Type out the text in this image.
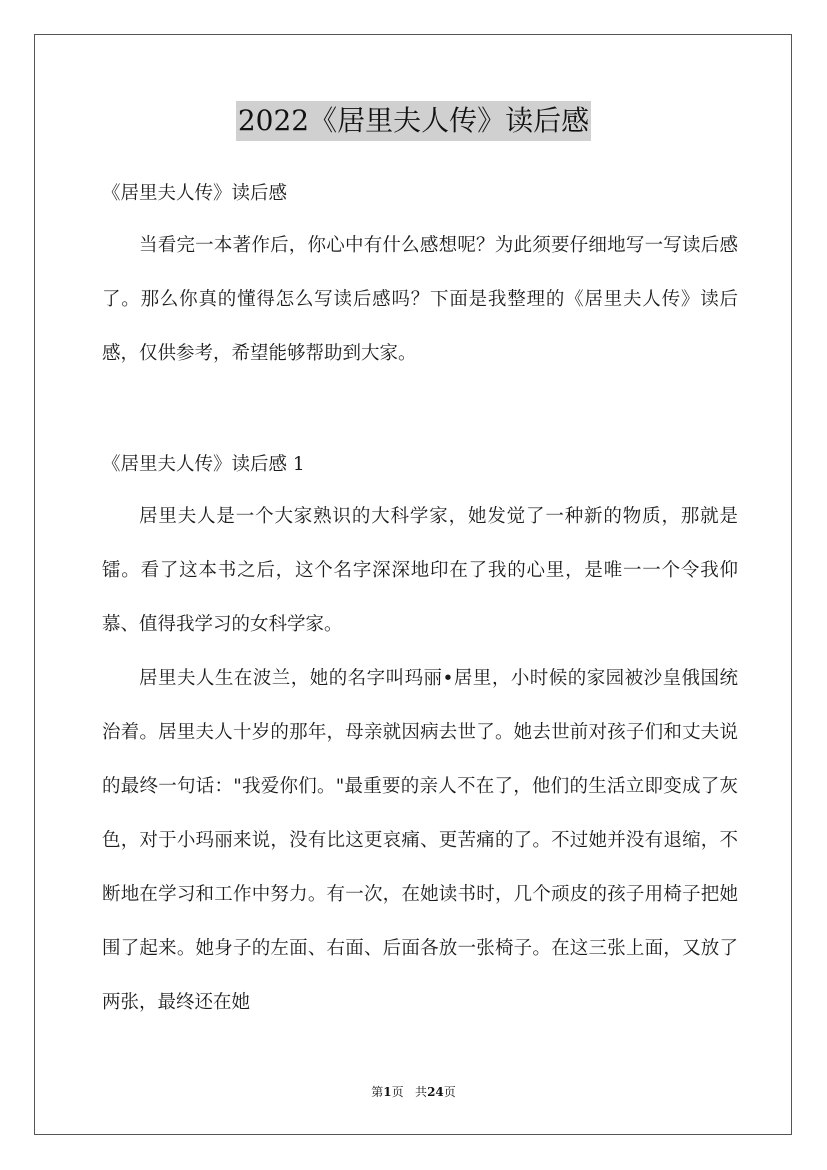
2022《居里夫人传》读后感

《居里夫人传》读后感

当看完一本著作后，你心中有什么感想呢？为此须要仔细地写一写读后感了。那么你真的懂得怎么写读后感吗？下面是我整理的《居里夫人传》读后感，仅供参考，希望能够帮助到大家。

《居里夫人传》读后感 1

居里夫人是一个大家熟识的大科学家，她发觉了一种新的物质，那就是镭。看了这本书之后，这个名字深深地印在了我的心里，是唯一一个令我仰慕、值得我学习的女科学家。

居里夫人生在波兰，她的名字叫玛丽•居里，小时候的家园被沙皇俄国统治着。居里夫人十岁的那年，母亲就因病去世了。她去世前对孩子们和丈夫说的最终一句话："我爱你们。"最重要的亲人不在了，他们的生活立即变成了灰色，对于小玛丽来说，没有比这更哀痛、更苦痛的了。不过她并没有退缩，不断地在学习和工作中努力。有一次，在她读书时，几个顽皮的孩子用椅子把她围了起来。她身子的左面、右面、后面各放一张椅子。在这三张上面，又放了两张，最终还在她

第1页 共24页
